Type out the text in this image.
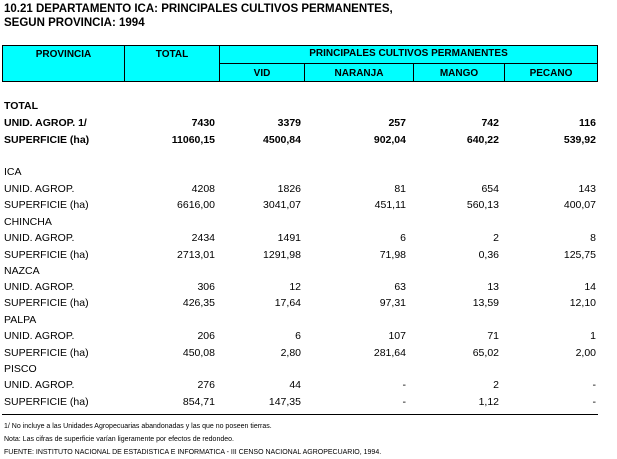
10.21 DEPARTAMENTO ICA: PRINCIPALES CULTIVOS PERMANENTES,
SEGUN PROVINCIA: 1994
PROVINCIA	TOTAL	PRINCIPALES CULTIVOS PERMANENTES
VID	NARANJA	MANGO	PECANO
TOTAL
UNID. AGROP. 1/	7430	3379	257	742	116
SUPERFICIE (ha)	11060,15	4500,84	902,04	640,22	539,92
ICA
UNID. AGROP.	4208	1826	81	654	143
SUPERFICIE (ha)	6616,00	3041,07	451,11	560,13	400,07
CHINCHA
UNID. AGROP.	2434	1491	6	2	8
SUPERFICIE (ha)	2713,01	1291,98	71,98	0,36	125,75
NAZCA
UNID. AGROP.	306	12	63	13	14
SUPERFICIE (ha)	426,35	17,64	97,31	13,59	12,10
PALPA
UNID. AGROP.	206	6	107	71	1
SUPERFICIE (ha)	450,08	2,80	281,64	65,02	2,00
PISCO
UNID. AGROP.	276	44	-	2	-
SUPERFICIE (ha)	854,71	147,35	-	1,12	-
1/ No incluye a las Unidades Agropecuarias abandonadas y las que no poseen tierras.
Nota: Las cifras de superficie varían ligeramente por efectos de redondeo.
FUENTE: INSTITUTO NACIONAL DE ESTADISTICA E INFORMATICA - III CENSO NACIONAL AGROPECUARIO, 1994.
